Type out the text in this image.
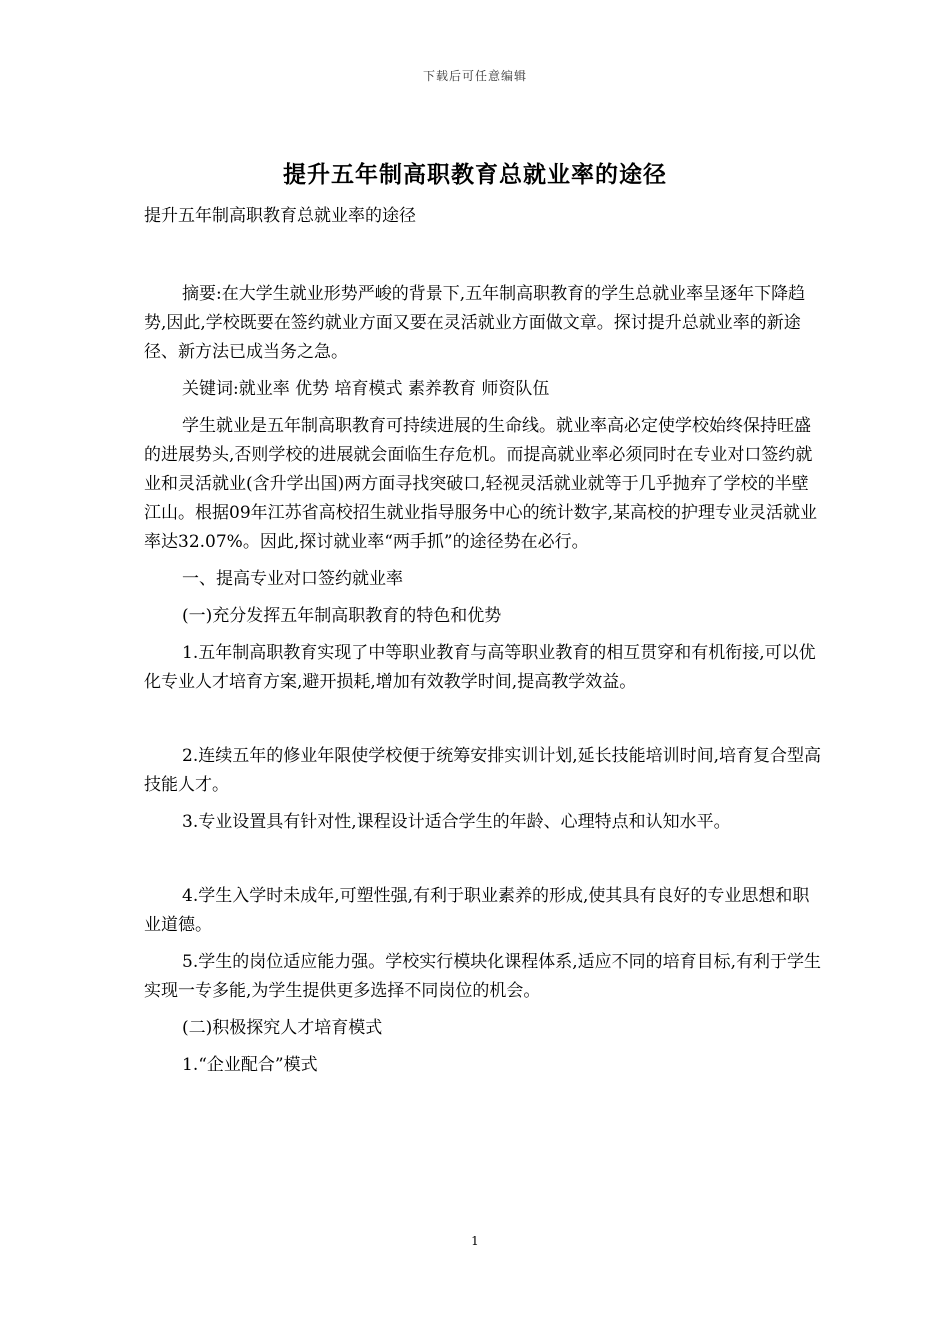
下载后可任意编辑
提升五年制高职教育总就业率的途径

提升五年制高职教育总就业率的途径

摘要:在大学生就业形势严峻的背景下,五年制高职教育的学生总就业率呈逐年下降趋势,因此,学校既要在签约就业方面又要在灵活就业方面做文章。探讨提升总就业率的新途径、新方法已成当务之急。

关键词:就业率 优势 培育模式 素养教育 师资队伍

学生就业是五年制高职教育可持续进展的生命线。就业率高必定使学校始终保持旺盛的进展势头,否则学校的进展就会面临生存危机。而提高就业率必须同时在专业对口签约就业和灵活就业(含升学出国)两方面寻找突破口,轻视灵活就业就等于几乎抛弃了学校的半壁江山。根据09年江苏省高校招生就业指导服务中心的统计数字,某高校的护理专业灵活就业率达32.07%。因此,探讨就业率“两手抓”的途径势在必行。

一、提高专业对口签约就业率

(一)充分发挥五年制高职教育的特色和优势

1.五年制高职教育实现了中等职业教育与高等职业教育的相互贯穿和有机衔接,可以优化专业人才培育方案,避开损耗,增加有效教学时间,提高教学效益。

2.连续五年的修业年限使学校便于统筹安排实训计划,延长技能培训时间,培育复合型高技能人才。

3.专业设置具有针对性,课程设计适合学生的年龄、心理特点和认知水平。

4.学生入学时未成年,可塑性强,有利于职业素养的形成,使其具有良好的专业思想和职业道德。

5.学生的岗位适应能力强。学校实行模块化课程体系,适应不同的培育目标,有利于学生实现一专多能,为学生提供更多选择不同岗位的机会。

(二)积极探究人才培育模式

1.“企业配合”模式

1
